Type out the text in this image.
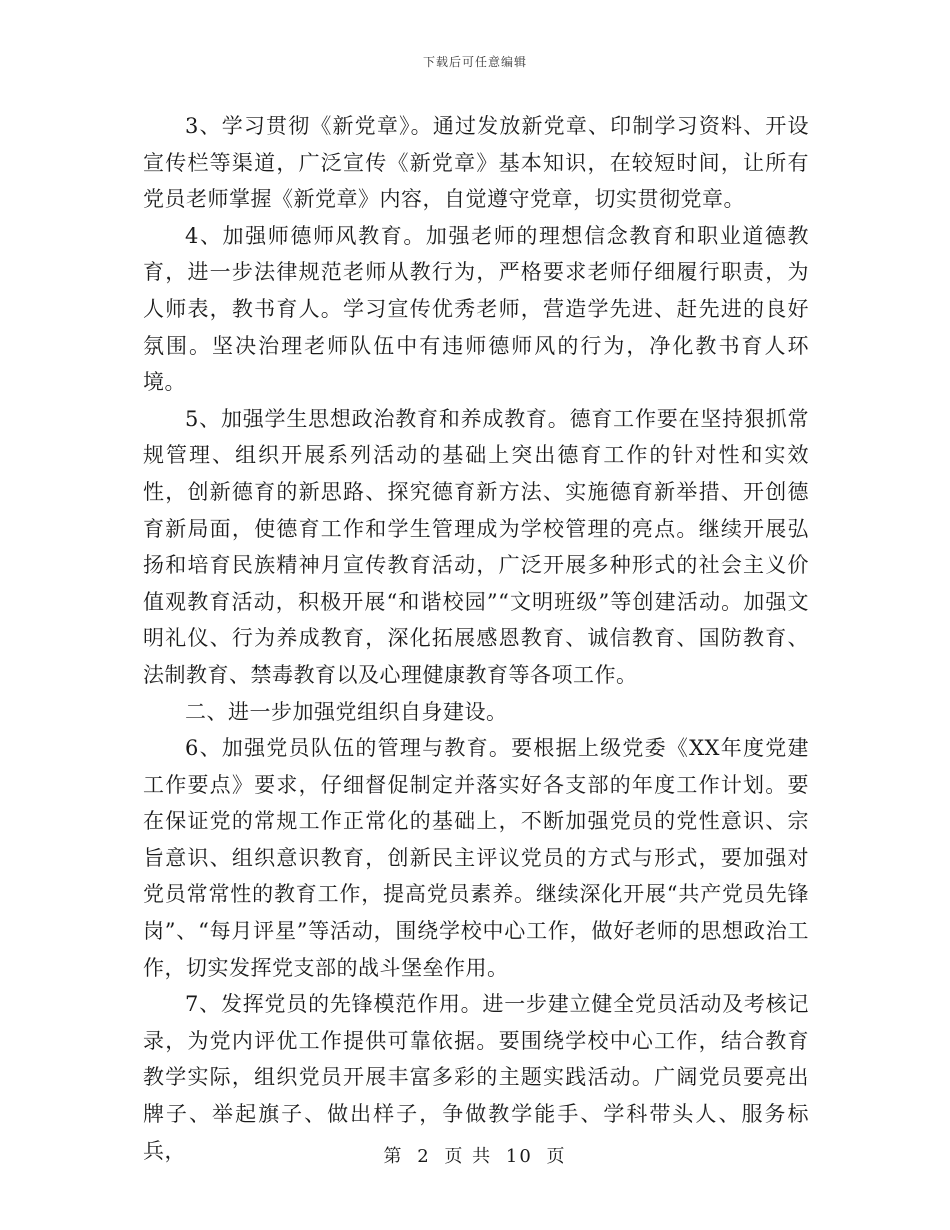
下载后可任意编辑

3、学习贯彻《新党章》。通过发放新党章、印制学习资料、开设宣传栏等渠道，广泛宣传《新党章》基本知识，在较短时间，让所有党员老师掌握《新党章》内容，自觉遵守党章，切实贯彻党章。

4、加强师德师风教育。加强老师的理想信念教育和职业道德教育，进一步法律规范老师从教行为，严格要求老师仔细履行职责，为人师表，教书育人。学习宣传优秀老师，营造学先进、赶先进的良好氛围。坚决治理老师队伍中有违师德师风的行为，净化教书育人环境。

5、加强学生思想政治教育和养成教育。德育工作要在坚持狠抓常规管理、组织开展系列活动的基础上突出德育工作的针对性和实效性，创新德育的新思路、探究德育新方法、实施德育新举措、开创德育新局面，使德育工作和学生管理成为学校管理的亮点。继续开展弘扬和培育民族精神月宣传教育活动，广泛开展多种形式的社会主义价值观教育活动，积极开展“和谐校园”“文明班级”等创建活动。加强文明礼仪、行为养成教育，深化拓展感恩教育、诚信教育、国防教育、法制教育、禁毒教育以及心理健康教育等各项工作。

二、进一步加强党组织自身建设。

6、加强党员队伍的管理与教育。要根据上级党委《XX年度党建工作要点》要求，仔细督促制定并落实好各支部的年度工作计划。要在保证党的常规工作正常化的基础上，不断加强党员的党性意识、宗旨意识、组织意识教育，创新民主评议党员的方式与形式，要加强对党员常常性的教育工作，提高党员素养。继续深化开展“共产党员先锋岗”、“每月评星”等活动，围绕学校中心工作，做好老师的思想政治工作，切实发挥党支部的战斗堡垒作用。

7、发挥党员的先锋模范作用。进一步建立健全党员活动及考核记录，为党内评优工作提供可靠依据。要围绕学校中心工作，结合教育教学实际，组织党员开展丰富多彩的主题实践活动。广阔党员要亮出牌子、举起旗子、做出样子，争做教学能手、学科带头人、服务标兵，	第 2 页 共 10 页
